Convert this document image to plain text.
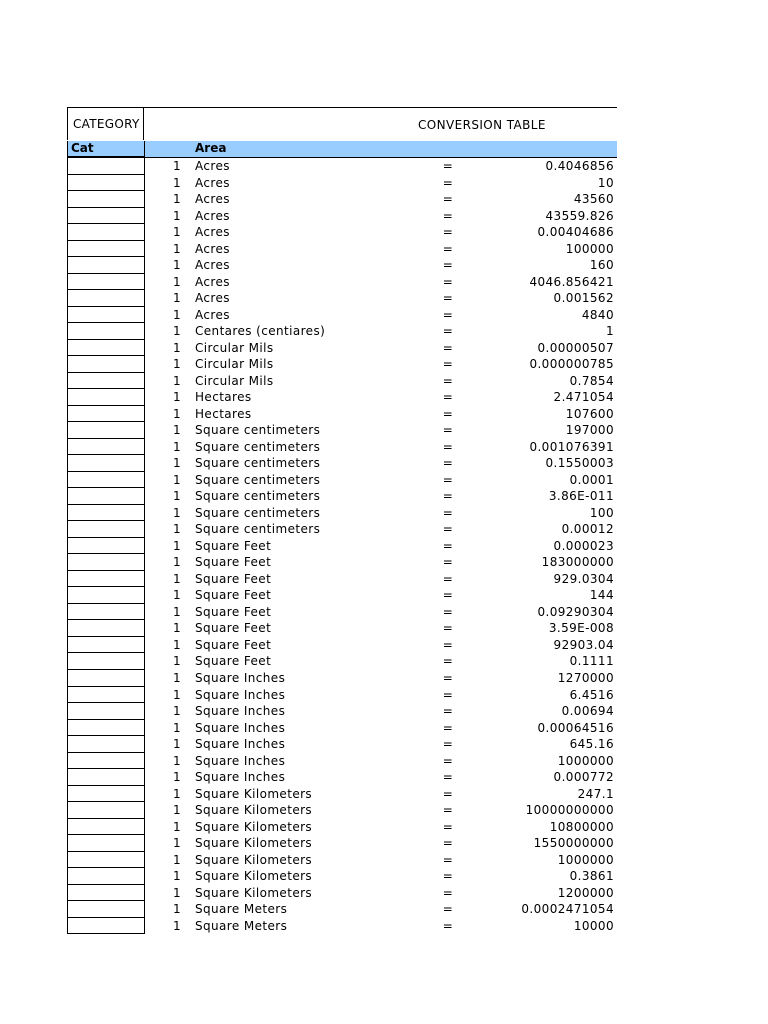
CATEGORY	CONVERSION TABLE
Cat	Area
1 Acres	=	0.4046856
1 Acres	=	10
1 Acres	=	43560
1 Acres	=	43559.826
1 Acres	=	0.00404686
1 Acres	=	100000
1 Acres	=	160
1 Acres	=	4046.856421
1 Acres	=	0.001562
1 Acres	=	4840
1 Centares (centiares)	=	1
1 Circular Mils	=	0.00000507
1 Circular Mils	=	0.000000785
1 Circular Mils	=	0.7854
1 Hectares	=	2.471054
1 Hectares	=	107600
1 Square centimeters	=	197000
1 Square centimeters	=	0.001076391
1 Square centimeters	=	0.1550003
1 Square centimeters	=	0.0001
1 Square centimeters	=	3.86E-011
1 Square centimeters	=	100
1 Square centimeters	=	0.00012
1 Square Feet	=	0.000023
1 Square Feet	=	183000000
1 Square Feet	=	929.0304
1 Square Feet	=	144
1 Square Feet	=	0.09290304
1 Square Feet	=	3.59E-008
1 Square Feet	=	92903.04
1 Square Feet	=	0.1111
1 Square Inches	=	1270000
1 Square Inches	=	6.4516
1 Square Inches	=	0.00694
1 Square Inches	=	0.00064516
1 Square Inches	=	645.16
1 Square Inches	=	1000000
1 Square Inches	=	0.000772
1 Square Kilometers	=	247.1
1 Square Kilometers	=	10000000000
1 Square Kilometers	=	10800000
1 Square Kilometers	=	1550000000
1 Square Kilometers	=	1000000
1 Square Kilometers	=	0.3861
1 Square Kilometers	=	1200000
1 Square Meters	=	0.0002471054
1 Square Meters	=	10000
